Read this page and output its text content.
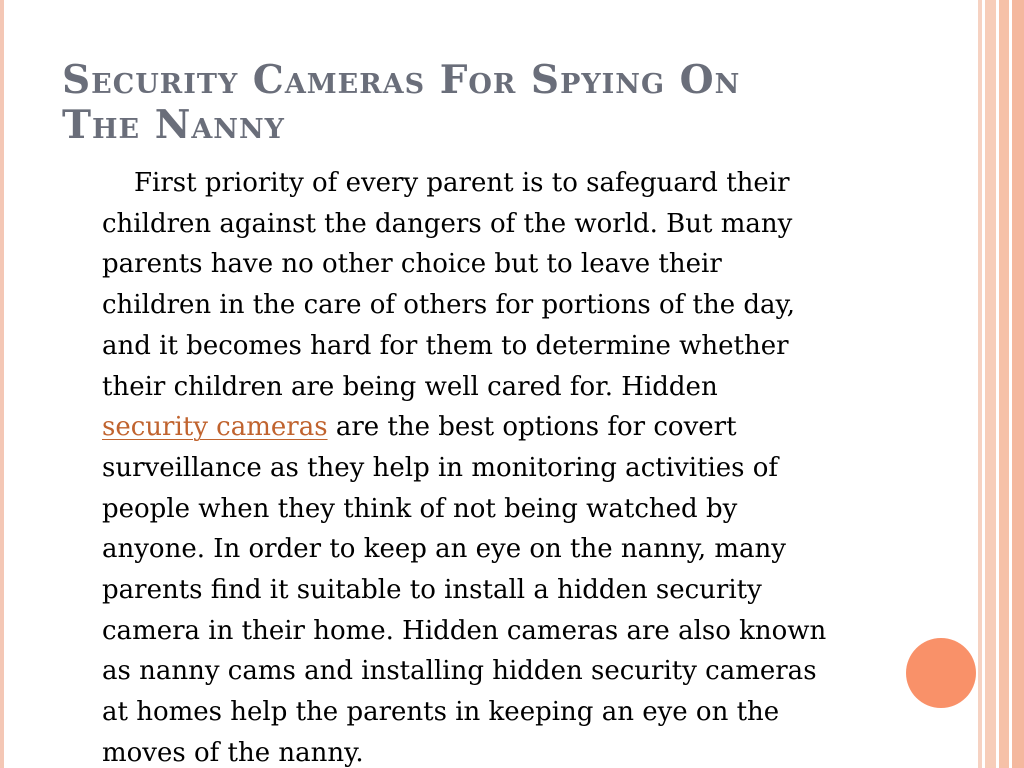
Security Cameras For Spying On
The Nanny
First priority of every parent is to safeguard their
children against the dangers of the world. But many
parents have no other choice but to leave their
children in the care of others for portions of the day,
and it becomes hard for them to determine whether
their children are being well cared for. Hidden
security cameras are the best options for covert
surveillance as they help in monitoring activities of
people when they think of not being watched by
anyone. In order to keep an eye on the nanny, many
parents find it suitable to install a hidden security
camera in their home. Hidden cameras are also known
as nanny cams and installing hidden security cameras
at homes help the parents in keeping an eye on the
moves of the nanny.
